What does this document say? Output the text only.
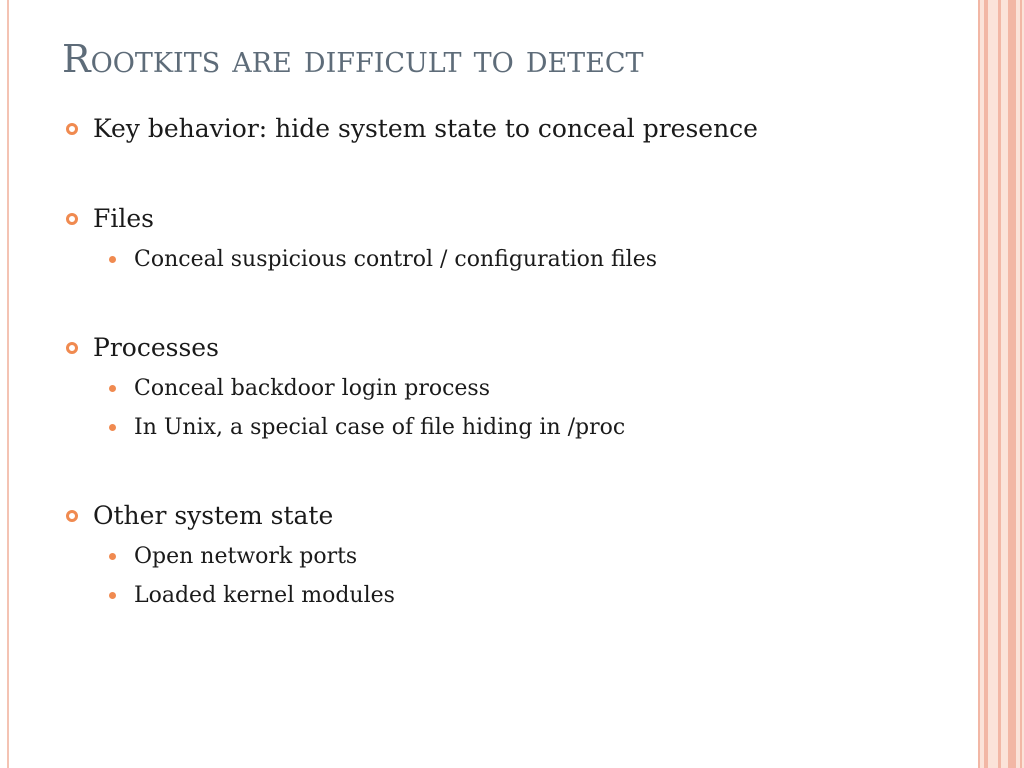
Rootkits are difficult to detect
Key behavior: hide system state to conceal presence
Files
Conceal suspicious control / configuration files
Processes
Conceal backdoor login process
In Unix, a special case of file hiding in /proc
Other system state
Open network ports
Loaded kernel modules
